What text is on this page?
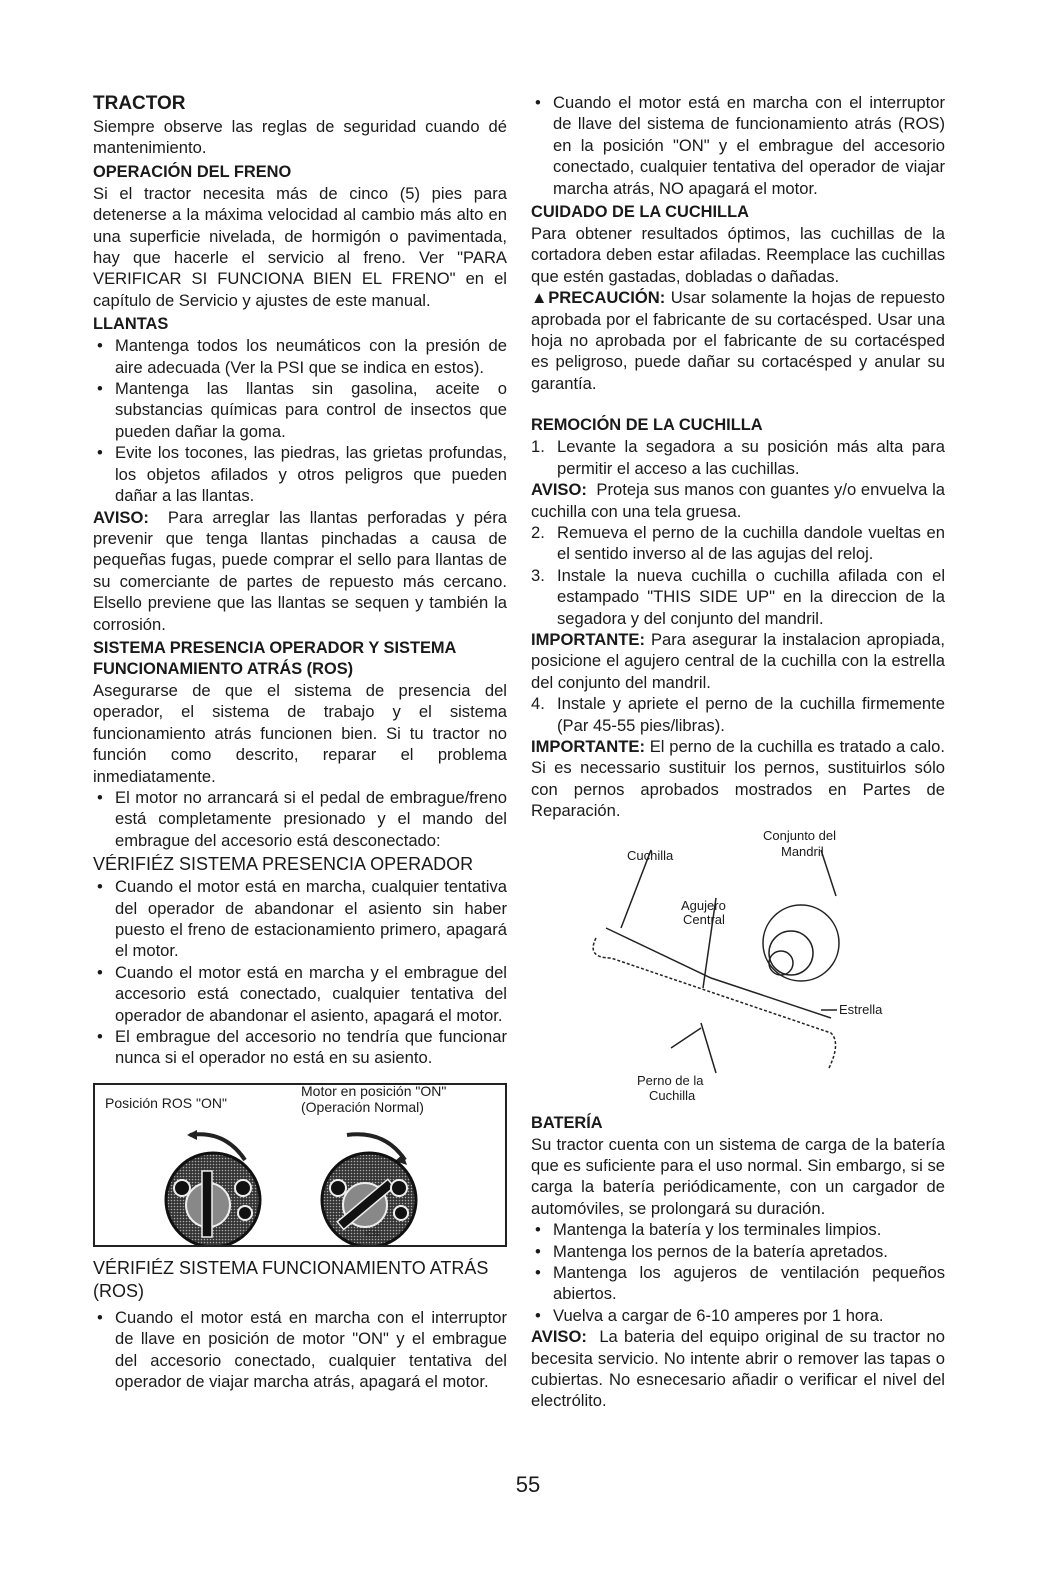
TRACTOR

Siempre observe las reglas de seguridad cuando dé mantenimiento.

OPERACIÓN DEL FRENO

Si el tractor necesita más de cinco (5) pies para detenerse a la máxima velocidad al cambio más alto en una superficie nivelada, de hormigón o pavimentada, hay que hacerle el servicio al freno. Ver "PARA VERIFICAR SI FUNCIONA BIEN EL FRENO" en el capítulo de Servicio y ajustes de este manual.

LLANTAS
• Mantenga todos los neumáticos con la presión de aire adecuada (Ver la PSI que se indica en estos).
• Mantenga las llantas sin gasolina, aceite o substancias químicas para control de insectos que pueden dañar la goma.
• Evite los tocones, las piedras, las grietas profundas, los objetos afilados y otros peligros que pueden dañar a las llantas.

AVISO: Para arreglar las llantas perforadas y péra prevenir que tenga llantas pinchadas a causa de pequeñas fugas, puede comprar el sello para llantas de su comerciante de partes de repuesto más cercano. Elsello previene que las llantas se sequen y también la corrosión.

SISTEMA PRESENCIA OPERADOR Y SISTEMA FUNCIONAMIENTO ATRÁS (ROS)

Asegurarse de que el sistema de presencia del operador, el sistema de trabajo y el sistema funcionamiento atrás funcionen bien. Si tu tractor no función como descrito, reparar el problema inmediatamente.

• El motor no arrancará si el pedal de embrague/freno está completamente presionado y el mando del embrague del accesorio está desconectado:
VÉRIFIÉZ SISTEMA PRESENCIA OPERADOR
• Cuando el motor está en marcha, cualquier tentativa del operador de abandonar el asiento sin haber puesto el freno de estacionamiento primero, apagará el motor.
• Cuando el motor está en marcha y el embrague del accesorio está conectado, cualquier tentativa del operador de abandonar el asiento, apagará el motor.
• El embrague del accesorio no tendría que funcionar nunca si el operador no está en su asiento.
Posición ROS "ON"
Motor en posición "ON"
(Operación Normal)
IC31
VÉRIFIÉZ SISTEMA FUNCIONAMIENTO ATRÁS (ROS)
• Cuando el motor está en marcha con el interruptor de llave en posición de motor "ON" y el embrague del accesorio conectado, cualquier tentativa del operador de viajar marcha atrás, apagará el motor.
• Cuando el motor está en marcha con el interruptor de llave del sistema de funcionamiento atrás (ROS) en la posición "ON" y el embrague del accesorio conectado, cualquier tentativa del operador de viajar marcha atrás, NO apagará el motor.
CUIDADO DE LA CUCHILLA

Para obtener resultados óptimos, las cuchillas de la cortadora deben estar afiladas. Reemplace las cuchillas que estén gastadas, dobladas o dañadas.

▲PRECAUCIÓN: Usar solamente la hojas de repuesto aprobada por el fabricante de su cortacésped. Usar una hoja no aprobada por el fabricante de su cortacésped es peligroso, puede dañar su cortacésped y anular su garantía.

REMOCIÓN DE LA CUCHILLA
1. Levante la segadora a su posición más alta para permitir el acceso a las cuchillas.

AVISO: Proteja sus manos con guantes y/o envuelva la cuchilla con una tela gruesa.

2. Remueva el perno de la cuchilla dandole vueltas en el sentido inverso al de las agujas del reloj.
3. Instale la nueva cuchilla o cuchilla afilada con el estampado "THIS SIDE UP" en la direccion de la segadora y del conjunto del mandril.

IMPORTANTE: Para asegurar la instalacion apropiada, posicione el agujero central de la cuchilla con la estrella del conjunto del mandril.

4. Instale y apriete el perno de la cuchilla firmemente (Par 45-55 pies/libras).

IMPORTANTE: El perno de la cuchilla es tratado a calo. Si es necessario sustituir los pernos, sustituirlos sólo con pernos aprobados mostrados en Partes de Reparación.

Conjunto del
Mandril
Cuchilla
Agujero
Central
Estrella
Perno de la
Cuchilla
BATERÍA

Su tractor cuenta con un sistema de carga de la batería que es suficiente para el uso normal. Sin embargo, si se carga la batería periódicamente, con un cargador de automóviles, se prolongará su duración.

• Mantenga la batería y los terminales limpios.
• Mantenga los pernos de la batería apretados.
• Mantenga los agujeros de ventilación pequeños abiertos.
• Vuelva a cargar de 6-10 amperes por 1 hora.

AVISO: La bateria del equipo original de su tractor no becesita servicio. No intente abrir o remover las tapas o cubiertas. No esnecesario añadir o verificar el nivel del electrólito.

55
